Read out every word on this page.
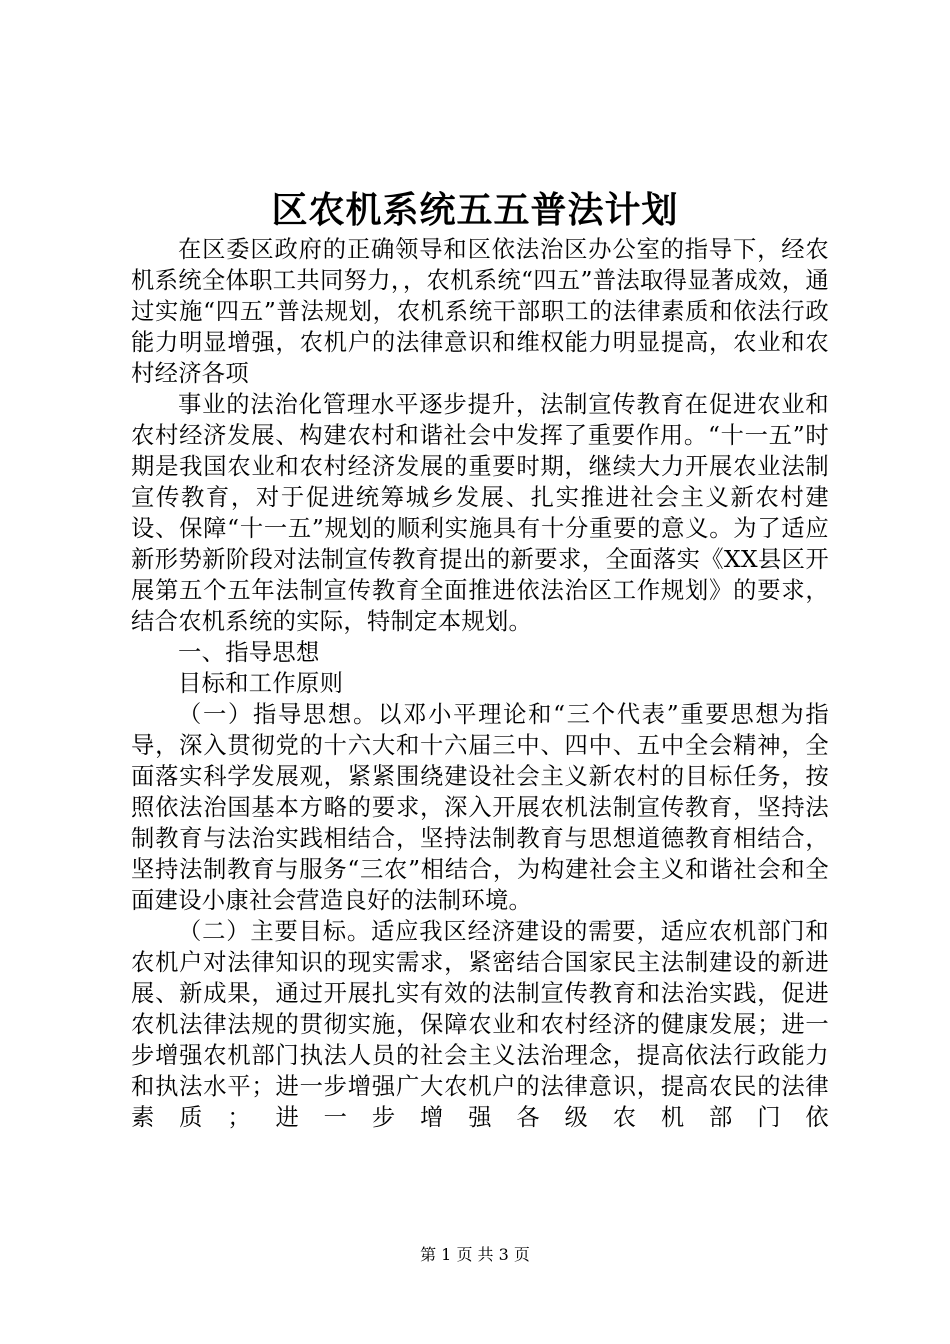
区农机系统五五普法计划

在区委区政府的正确领导和区依法治区办公室的指导下，经农机系统全体职工共同努力，，农机系统“四五”普法取得显著成效，通过实施“四五”普法规划，农机系统干部职工的法律素质和依法行政能力明显增强，农机户的法律意识和维权能力明显提高，农业和农村经济各项

事业的法治化管理水平逐步提升，法制宣传教育在促进农业和农村经济发展、构建农村和谐社会中发挥了重要作用。“十一五”时期是我国农业和农村经济发展的重要时期，继续大力开展农业法制宣传教育，对于促进统筹城乡发展、扎实推进社会主义新农村建设、保障“十一五”规划的顺利实施具有十分重要的意义。为了适应新形势新阶段对法制宣传教育提出的新要求，全面落实《XX县区开展第五个五年法制宣传教育全面推进依法治区工作规划》的要求，结合农机系统的实际，特制定本规划。

一、指导思想

目标和工作原则

（一）指导思想。以邓小平理论和“三个代表”重要思想为指导，深入贯彻党的十六大和十六届三中、四中、五中全会精神，全面落实科学发展观，紧紧围绕建设社会主义新农村的目标任务，按照依法治国基本方略的要求，深入开展农机法制宣传教育，坚持法制教育与法治实践相结合，坚持法制教育与思想道德教育相结合，坚持法制教育与服务“三农”相结合，为构建社会主义和谐社会和全面建设小康社会营造良好的法制环境。

（二）主要目标。适应我区经济建设的需要，适应农机部门和农机户对法律知识的现实需求，紧密结合国家民主法制建设的新进展、新成果，通过开展扎实有效的法制宣传教育和法治实践，促进农机法律法规的贯彻实施，保障农业和农村经济的健康发展；进一步增强农机部门执法人员的社会主义法治理念，提高依法行政能力和执法水平；进一步增强广大农机户的法律意识，提高农民的法律素质；进一步增强各级农机部门依

第 1 页 共 3 页
